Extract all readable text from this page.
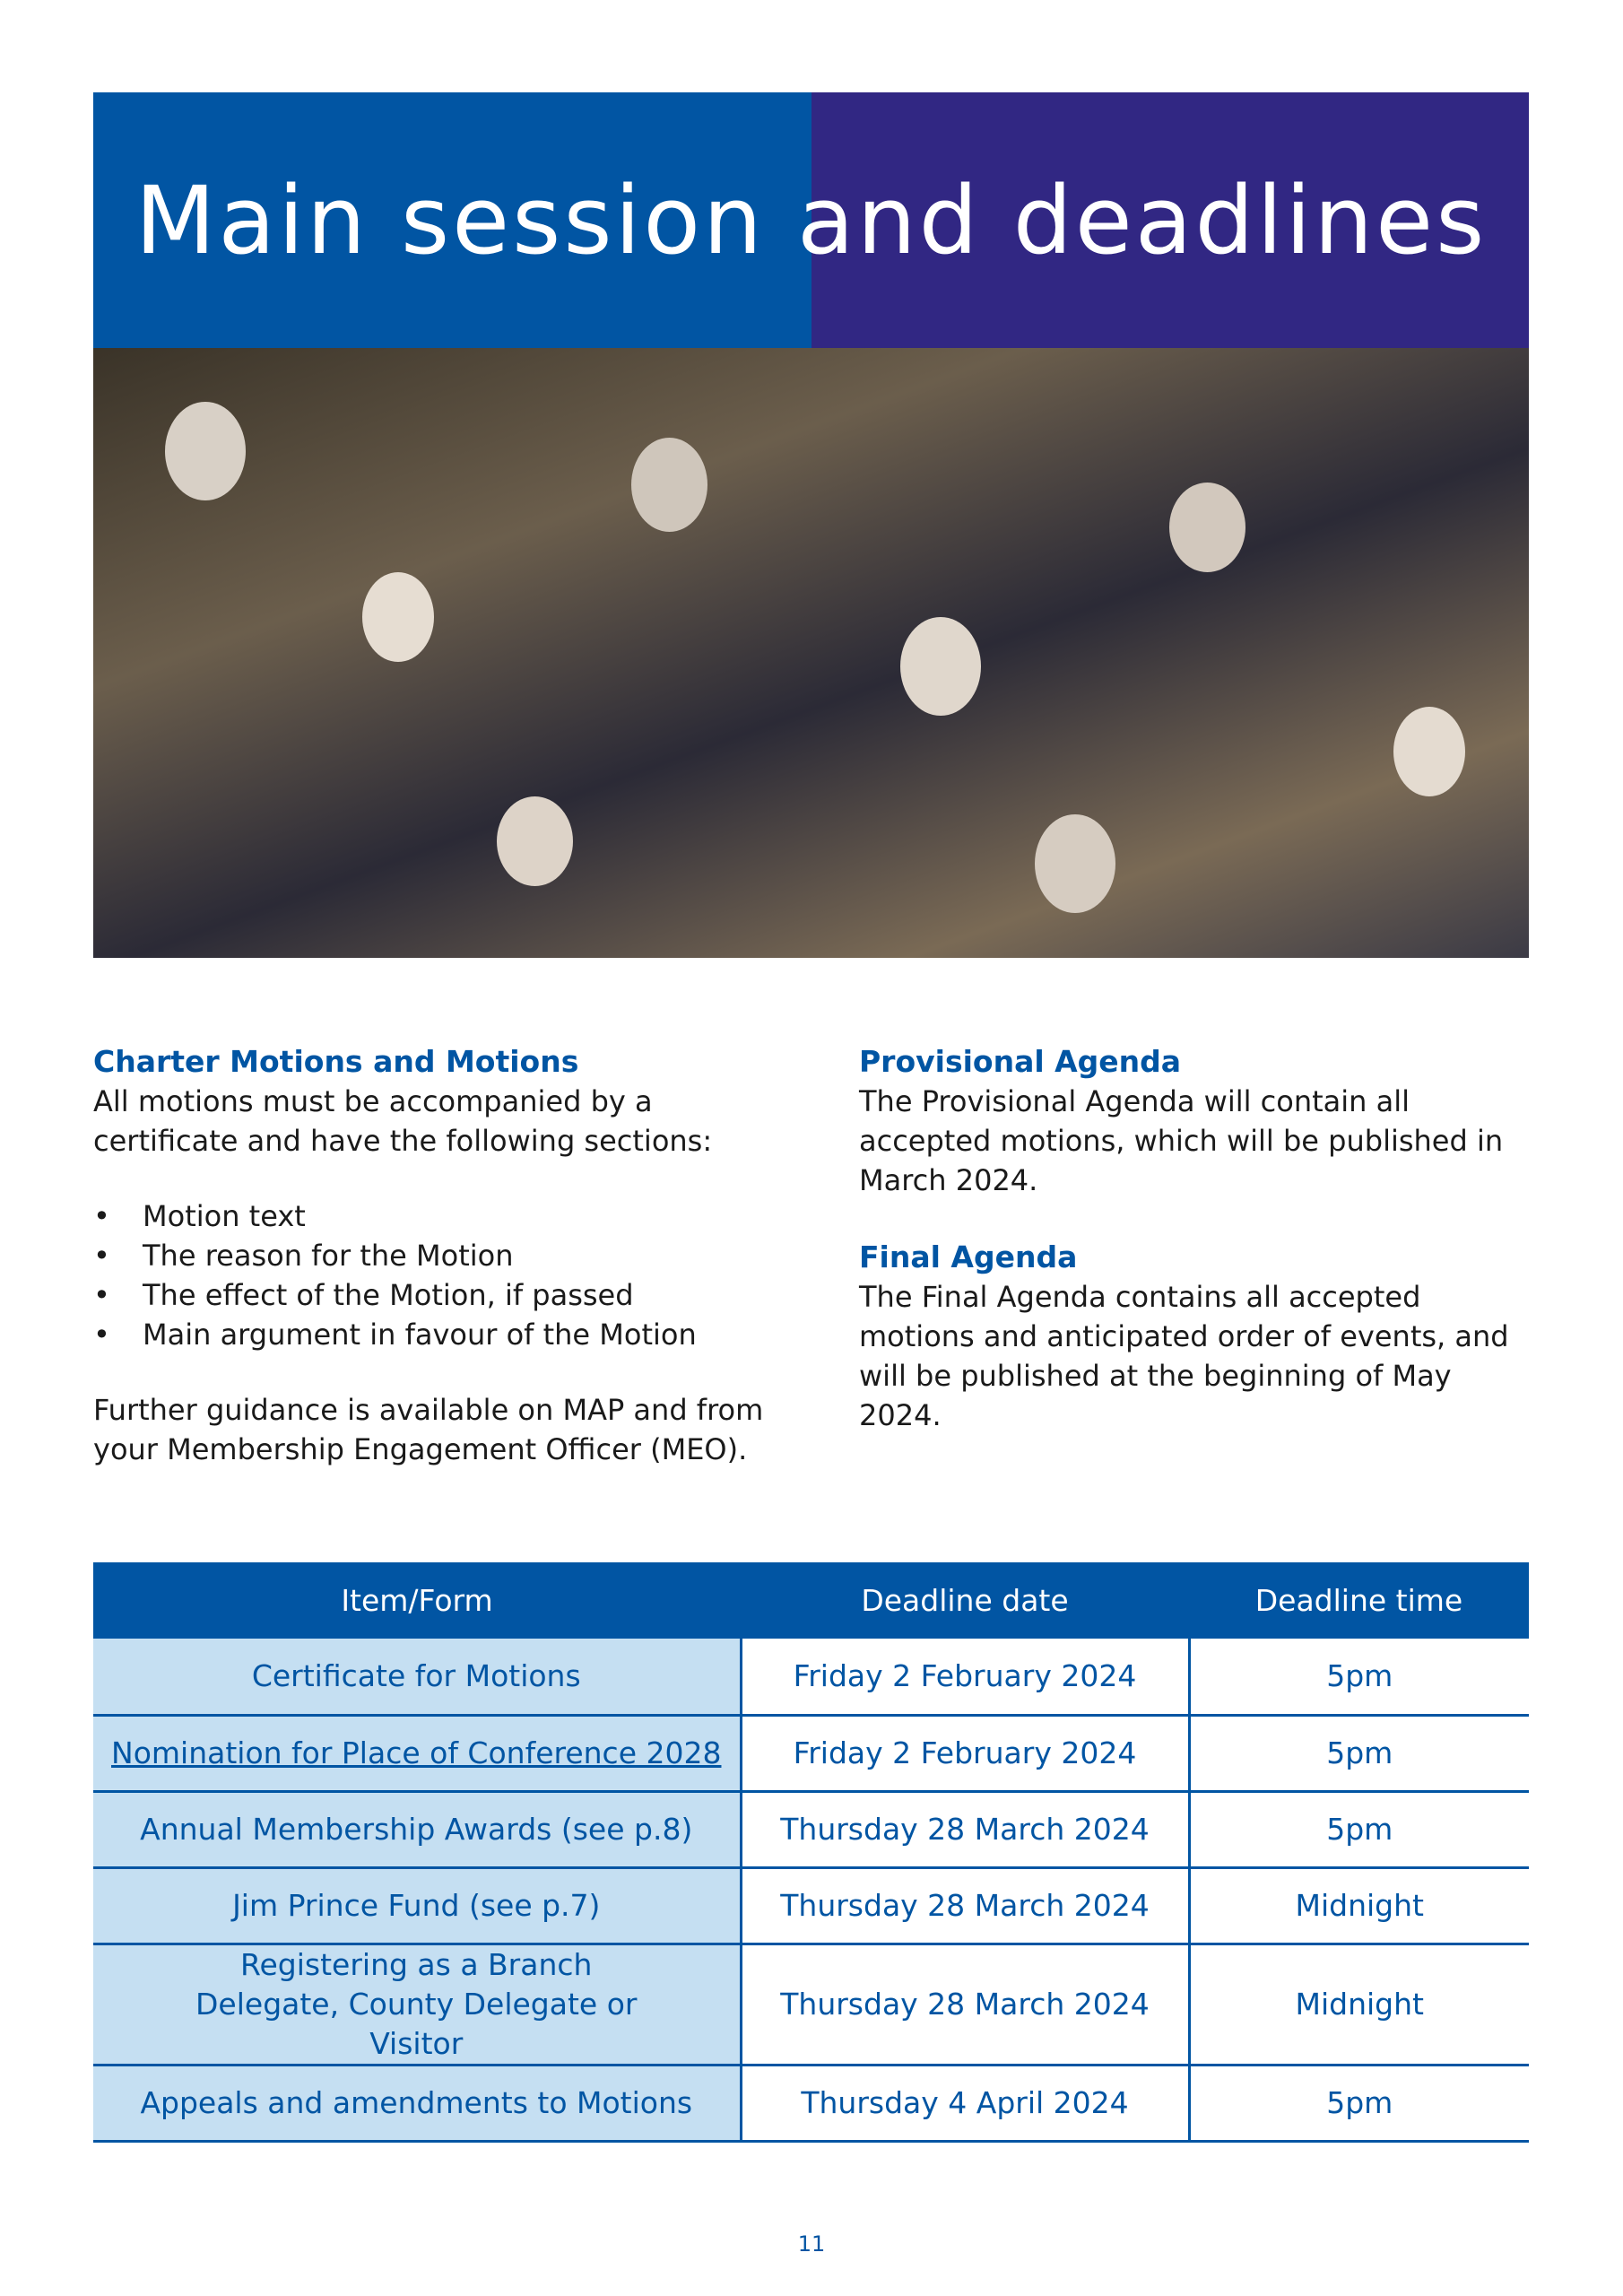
Main session and deadlines
Charter Motions and Motions

All motions must be accompanied by a certificate and have the following sections:

• Motion text
• The reason for the Motion
• The effect of the Motion, if passed
• Main argument in favour of the Motion

Further guidance is available on MAP and from your Membership Engagement Officer (MEO).

Provisional Agenda

The Provisional Agenda will contain all accepted motions, which will be published in March 2024.

Final Agenda

The Final Agenda contains all accepted motions and anticipated order of events, and will be published at the beginning of May 2024.

Item/Form	Deadline date	Deadline time
Certificate for Motions	Friday 2 February 2024	5pm
Nomination for Place of Conference 2028	Friday 2 February 2024	5pm
Annual Membership Awards (see p.8)	Thursday 28 March 2024	5pm
Jim Prince Fund (see p.7)	Thursday 28 March 2024	Midnight
Registering as a Branch Delegate, County Delegate or Visitor	Thursday 28 March 2024	Midnight
Appeals and amendments to Motions	Thursday 4 April 2024	5pm
11
